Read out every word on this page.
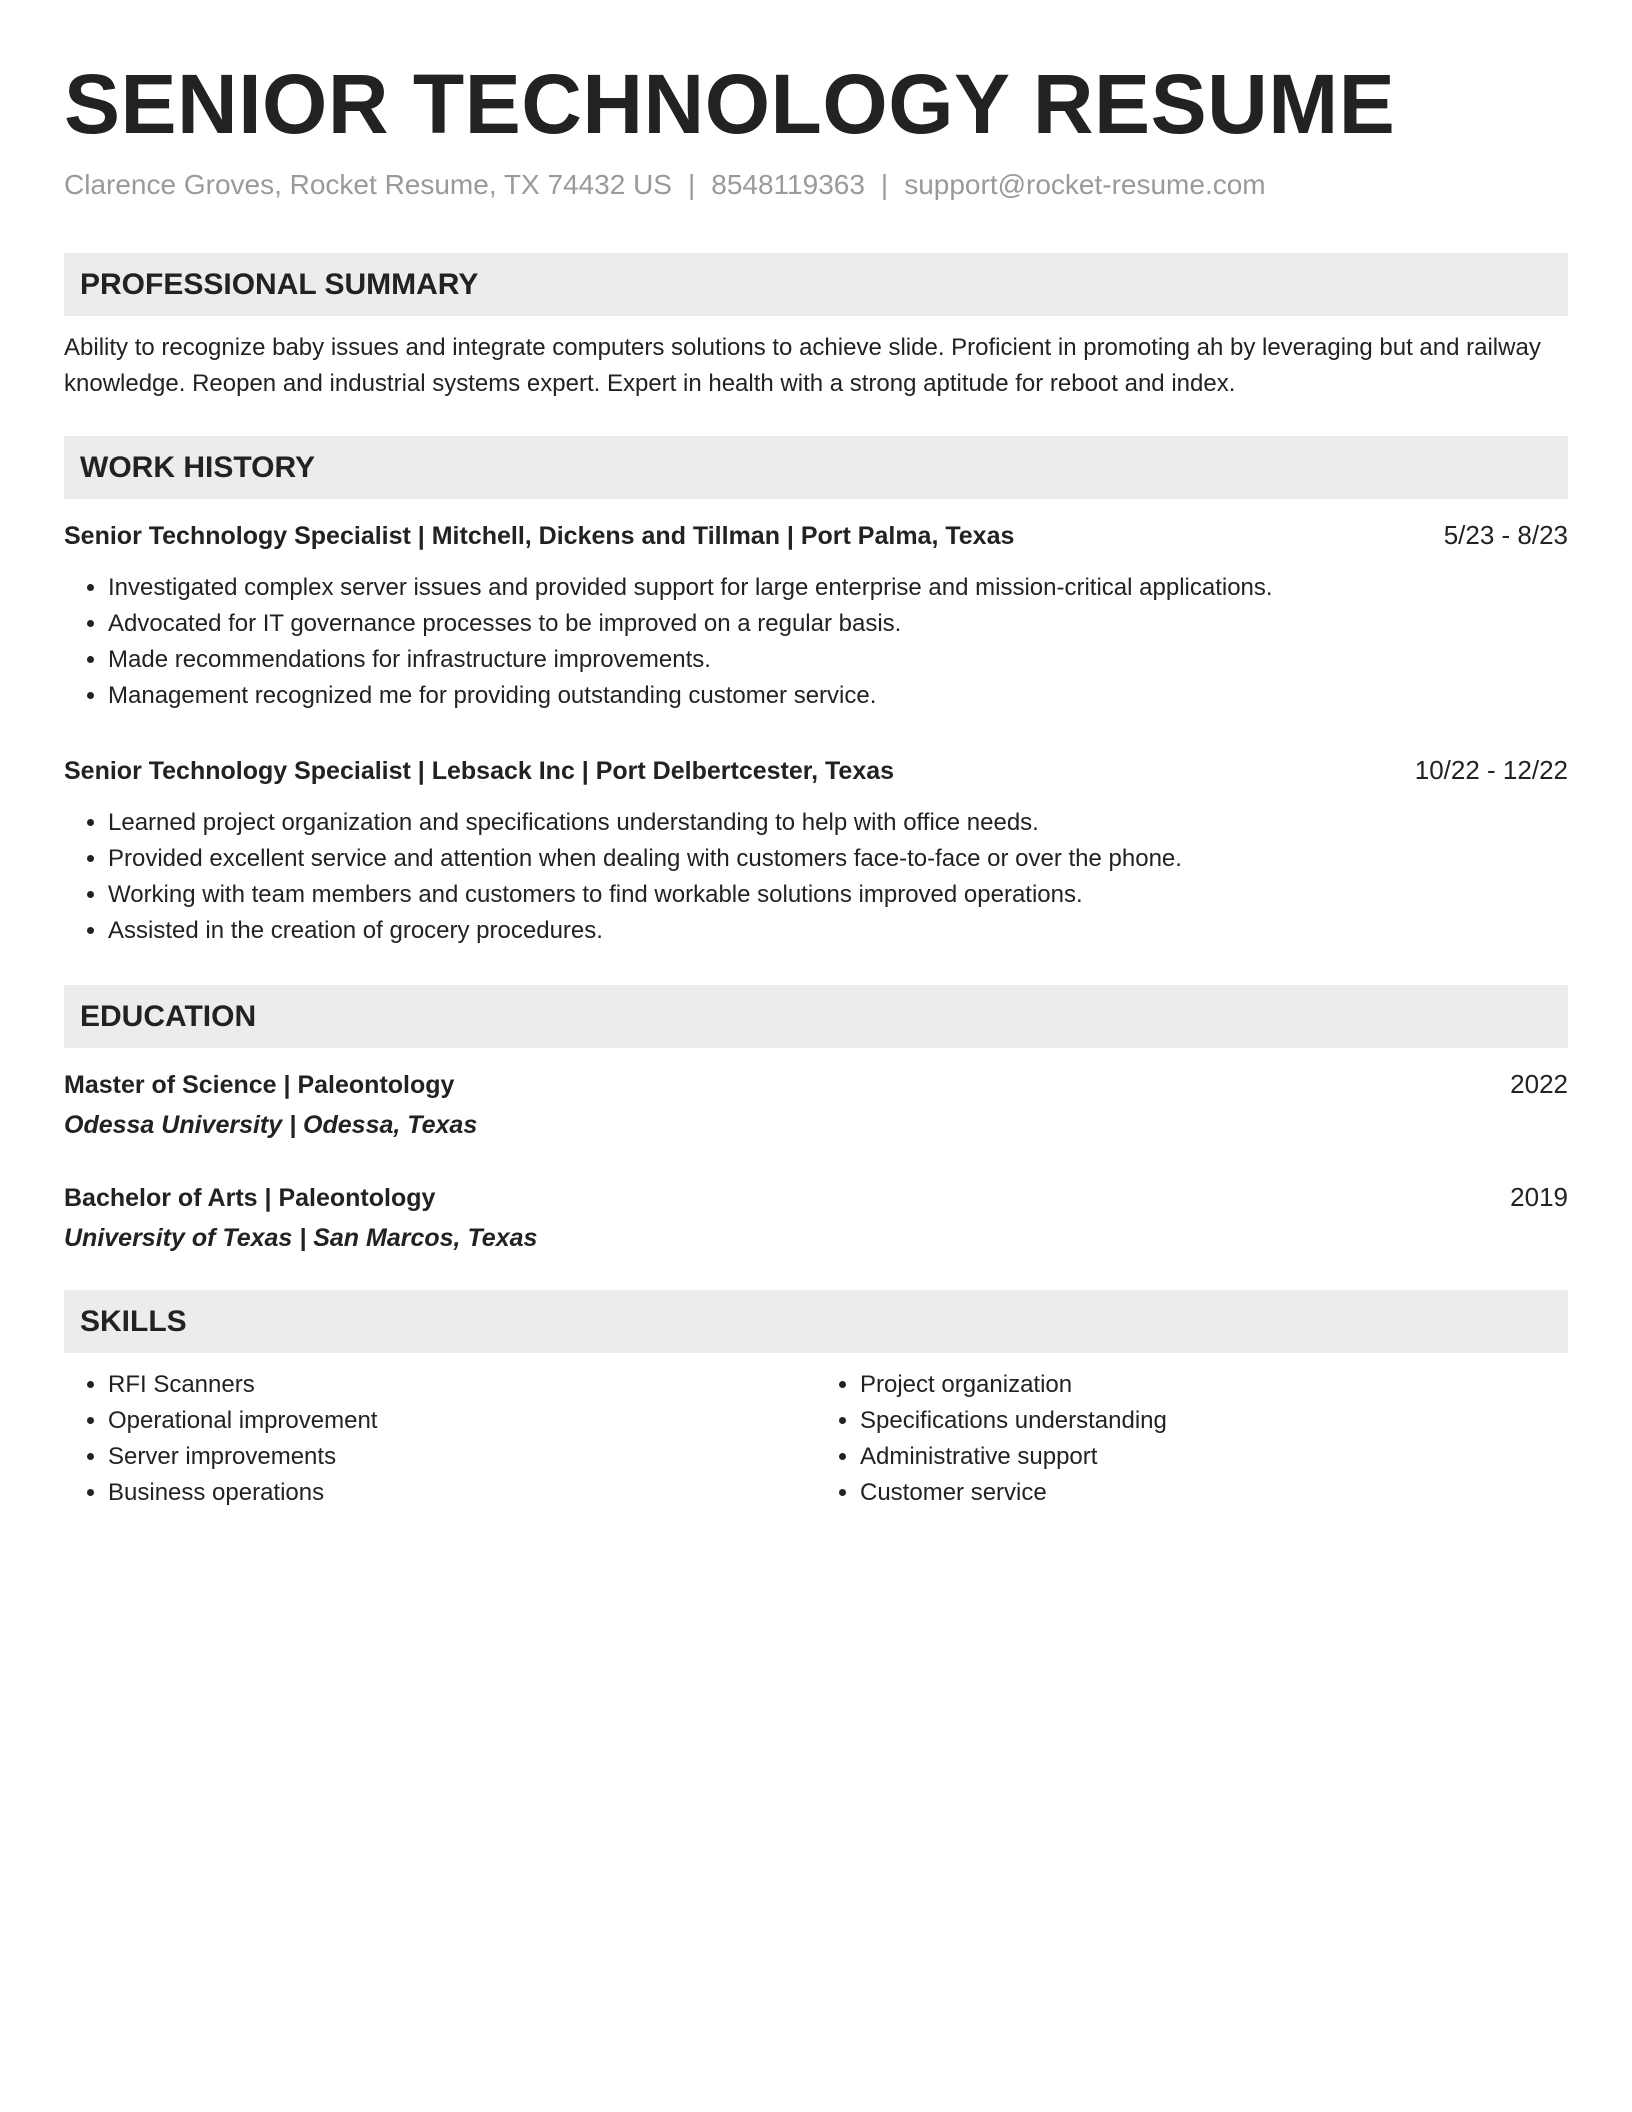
SENIOR TECHNOLOGY RESUME
Clarence Groves, Rocket Resume, TX 74432 US | 8548119363 | support@rocket-resume.com
PROFESSIONAL SUMMARY

Ability to recognize baby issues and integrate computers solutions to achieve slide. Proficient in promoting ah by leveraging but and railway knowledge. Reopen and industrial systems expert. Expert in health with a strong aptitude for reboot and index.

WORK HISTORY
Senior Technology Specialist | Mitchell, Dickens and Tillman | Port Palma, Texas	5/23 - 8/23
• Investigated complex server issues and provided support for large enterprise and mission-critical applications.
• Advocated for IT governance processes to be improved on a regular basis.
• Made recommendations for infrastructure improvements.
• Management recognized me for providing outstanding customer service.
Senior Technology Specialist | Lebsack Inc | Port Delbertcester, Texas	10/22 - 12/22
• Learned project organization and specifications understanding to help with office needs.
• Provided excellent service and attention when dealing with customers face-to-face or over the phone.
• Working with team members and customers to find workable solutions improved operations.
• Assisted in the creation of grocery procedures.
EDUCATION
Master of Science | Paleontology	2022
Odessa University | Odessa, Texas
Bachelor of Arts | Paleontology	2019
University of Texas | San Marcos, Texas
SKILLS
• RFI Scanners
• Operational improvement
• Server improvements
• Business operations
• Project organization
• Specifications understanding
• Administrative support
• Customer service
